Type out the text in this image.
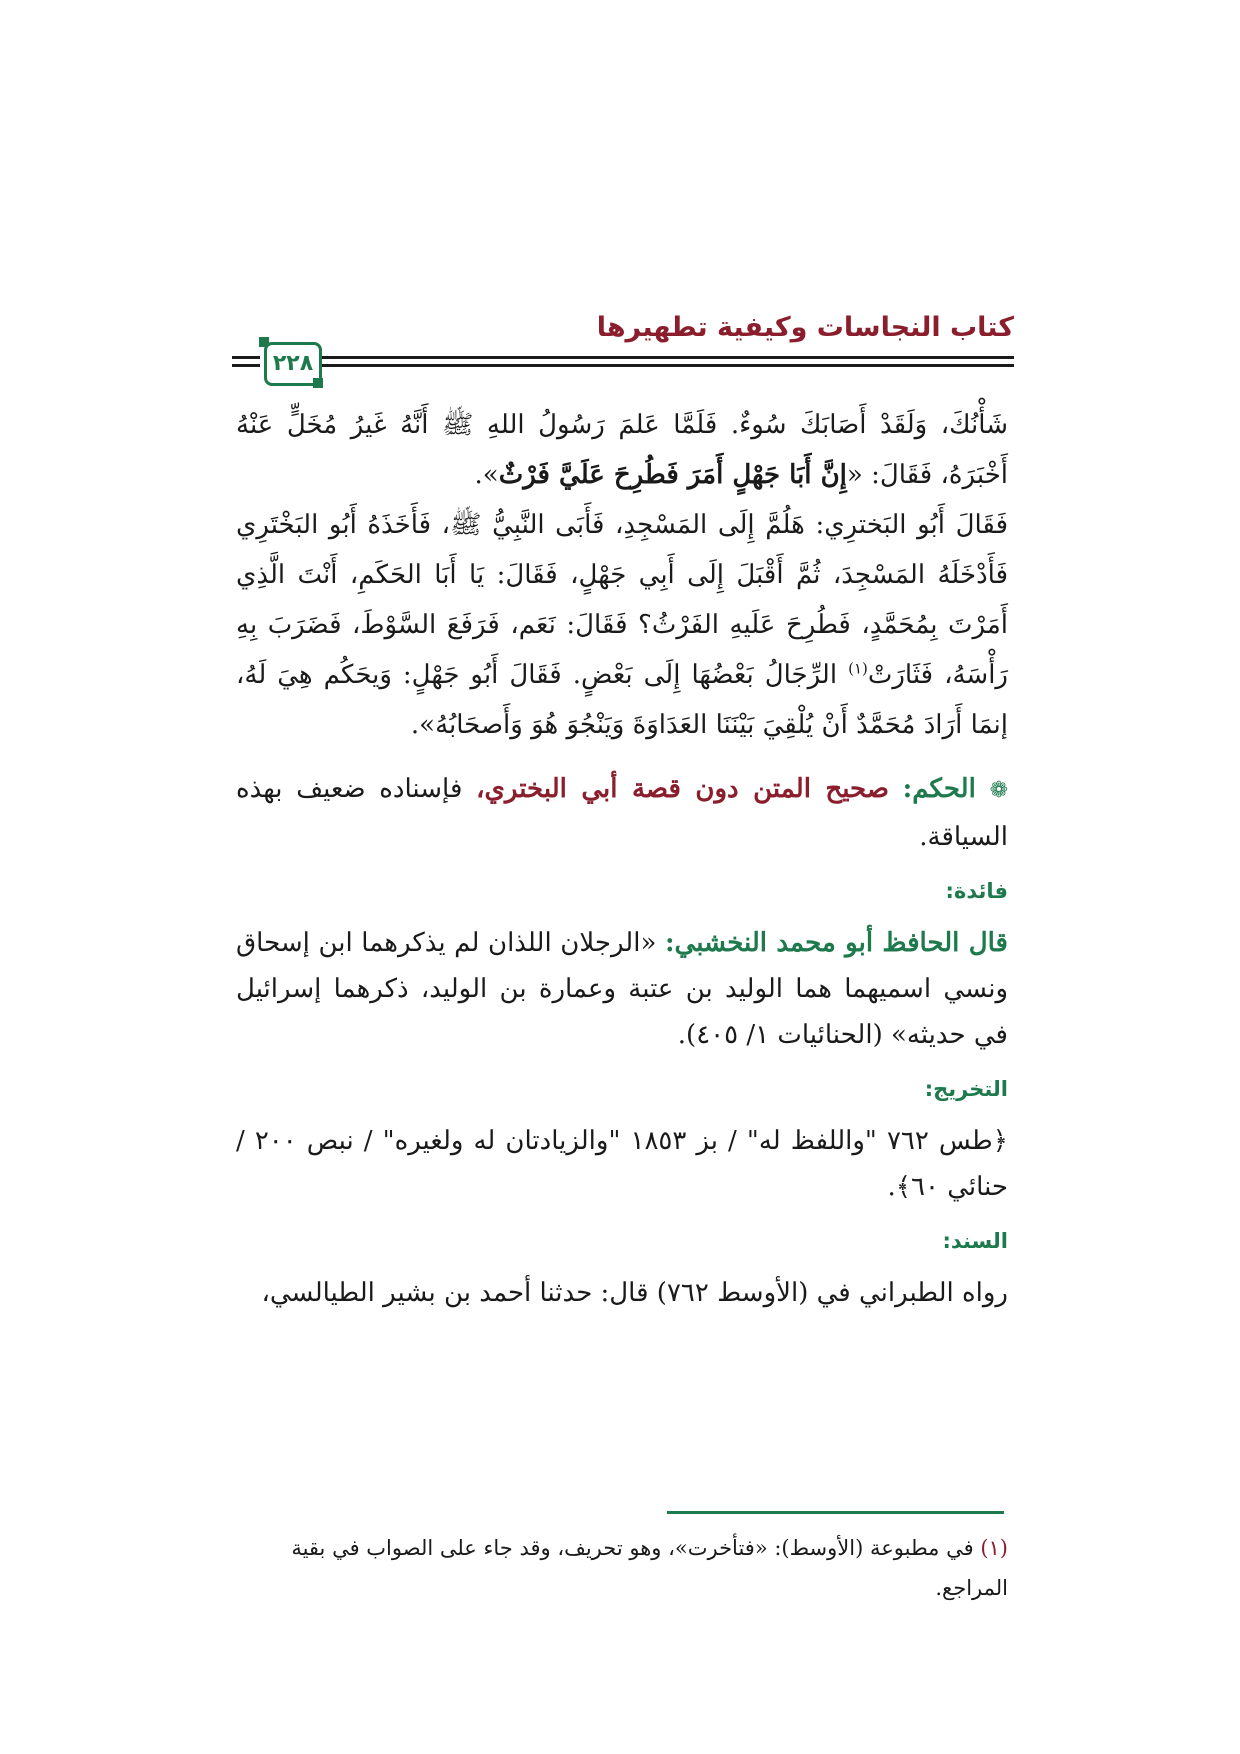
كتاب النجاسات وكيفية تطهيرها
٢٢٨

شَأْنُكَ، وَلَقَدْ أَصَابَكَ سُوءٌ. فَلَمَّا عَلمَ رَسُولُ اللهِ ﷺ أَنَّهُ غَيرُ مُخَلٍّ عَنْهُ أَخْبَرَهُ، فَقَالَ: «إِنَّ أَبَا جَهْلٍ أَمَرَ فَطُرِحَ عَلَيَّ فَرْثٌ».

فَقَالَ أَبُو البَخترِي: هَلُمَّ إِلَى المَسْجِدِ، فَأَبَى النَّبِيُّ ﷺ، فَأَخَذَهُ أَبُو البَخْتَرِي فَأَدْخَلَهُ المَسْجِدَ، ثُمَّ أَقْبَلَ إِلَى أَبِي جَهْلٍ، فَقَالَ: يَا أَبَا الحَكَمِ، أَنْتَ الَّذِي أَمَرْتَ بِمُحَمَّدٍ، فَطُرِحَ عَلَيهِ الفَرْثُ؟ فَقَالَ: نَعَم، فَرَفَعَ السَّوْطَ، فَضَرَبَ بِهِ رَأْسَهُ، فَثَارَتْ$^{(١)}$ الرِّجَالُ بَعْضُهَا إِلَى بَعْضٍ. فَقَالَ أَبُو جَهْلٍ: وَيحَكُم هِيَ لَهُ، إنمَا أَرَادَ مُحَمَّدٌ أَنْ يُلْقِيَ بَيْنَنَا العَدَاوَةَ وَيَنْجُوَ هُوَ وَأَصحَابُهُ».

❁ الحكم: صحيح المتن دون قصة أبي البختري، فإسناده ضعيف بهذه السياقة.

فائدة:

قال الحافظ أبو محمد النخشبي: «الرجلان اللذان لم يذكرهما ابن إسحاق ونسي اسميهما هما الوليد بن عتبة وعمارة بن الوليد، ذكرهما إسرائيل في حديثه» (الحنائيات ١/ ٤٠٥).

التخريج:

﴿طس ٧٦٢ "واللفظ له" / بز ١٨٥٣ "والزيادتان له ولغيره" / نبص ٢٠٠ / حنائي ٦٠﴾.

السند:

رواه الطبراني في (الأوسط ٧٦٢) قال: حدثنا أحمد بن بشير الطيالسي،

(١) في مطبوعة (الأوسط): «فتأخرت»، وهو تحريف، وقد جاء على الصواب في بقية المراجع.
